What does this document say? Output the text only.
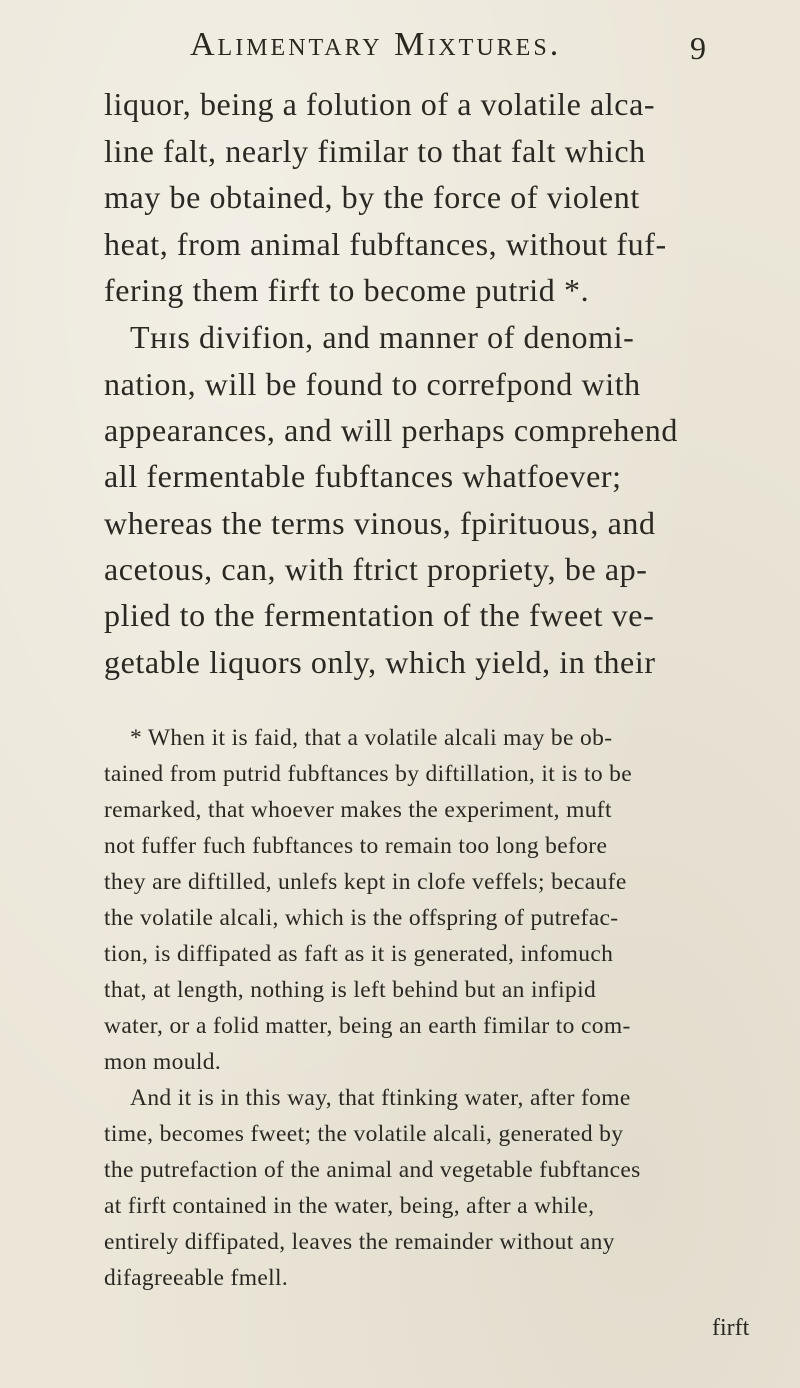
Alimentary Mixtures.	9
liquor, being a folution of a volatile alca-
line falt, nearly fimilar to that falt which
may be obtained, by the force of violent
heat, from animal fubftances, without fuf-
fering them firft to become putrid *.
Tʜɪs divifion, and manner of denomi-
nation, will be found to correfpond with
appearances, and will perhaps comprehend
all fermentable fubftances whatfoever;
whereas the terms vinous, fpirituous, and
acetous, can, with ftrict propriety, be ap-
plied to the fermentation of the fweet ve-
getable liquors only, which yield, in their
* When it is faid, that a volatile alcali may be ob-
tained from putrid fubftances by diftillation, it is to be
remarked, that whoever makes the experiment, muft
not fuffer fuch fubftances to remain too long before
they are diftilled, unlefs kept in clofe veffels; becaufe
the volatile alcali, which is the offspring of putrefac-
tion, is diffipated as faft as it is generated, infomuch
that, at length, nothing is left behind but an infipid
water, or a folid matter, being an earth fimilar to com-
mon mould.
And it is in this way, that ftinking water, after fome
time, becomes fweet; the volatile alcali, generated by
the putrefaction of the animal and vegetable fubftances
at firft contained in the water, being, after a while,
entirely diffipated, leaves the remainder without any
difagreeable fmell.
firft
